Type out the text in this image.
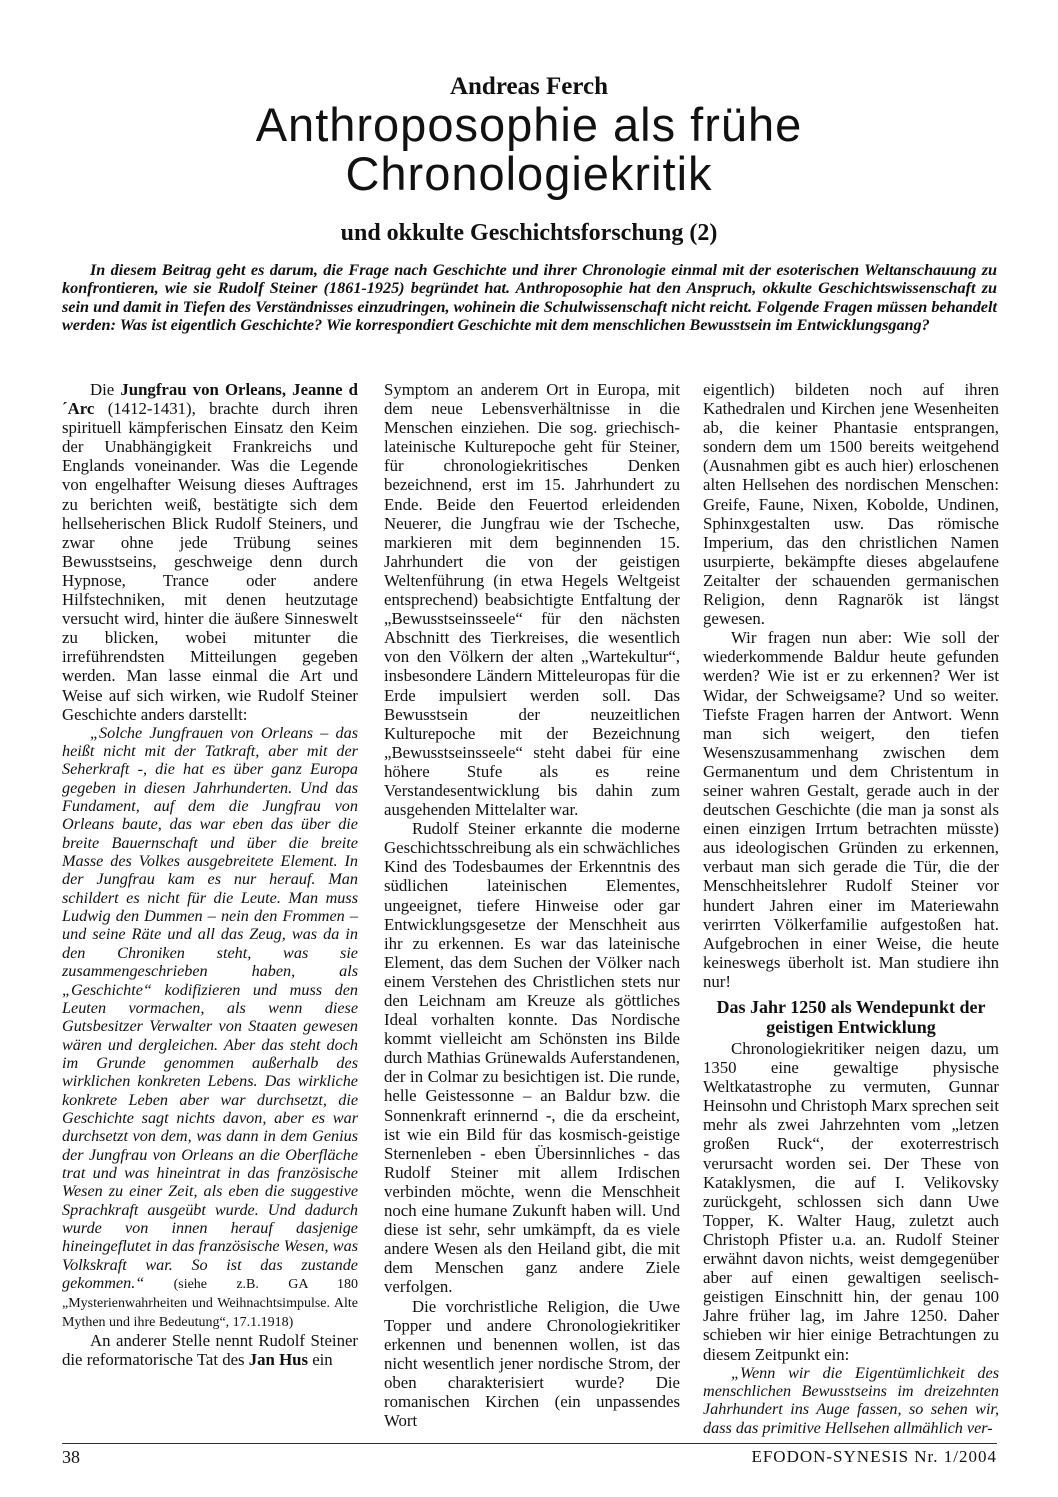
Andreas Ferch
Anthroposophie als frühe
Chronologiekritik
und okkulte Geschichtsforschung (2)

In diesem Beitrag geht es darum, die Frage nach Geschichte und ihrer Chronologie einmal mit der esoterischen Weltanschauung zu konfrontieren, wie sie Rudolf Steiner (1861-1925) begründet hat. Anthroposophie hat den Anspruch, okkulte Geschichtswissenschaft zu sein und damit in Tiefen des Verständnisses einzudringen, wohinein die Schulwissenschaft nicht reicht. Folgende Fragen müssen behandelt werden: Was ist eigentlich Geschichte? Wie korrespondiert Geschichte mit dem menschlichen Bewusstsein im Entwicklungsgang?

Die Jungfrau von Orleans, Jeanne d´Arc (1412-1431), brachte durch ihren spirituell kämpferischen Einsatz den Keim der Unabhängigkeit Frankreichs und Englands voneinander. Was die Legende von engelhafter Weisung dieses Auftrages zu berichten weiß, bestätigte sich dem hellseherischen Blick Rudolf Steiners, und zwar ohne jede Trübung seines Bewusstseins, geschweige denn durch Hypnose, Trance oder andere Hilfstechniken, mit denen heutzutage versucht wird, hinter die äußere Sinneswelt zu blicken, wobei mitunter die irreführendsten Mitteilungen gegeben werden. Man lasse einmal die Art und Weise auf sich wirken, wie Rudolf Steiner Geschichte anders darstellt:

„Solche Jungfrauen von Orleans – das heißt nicht mit der Tatkraft, aber mit der Seherkraft -, die hat es über ganz Europa gegeben in diesen Jahrhunderten. Und das Fundament, auf dem die Jungfrau von Orleans baute, das war eben das über die breite Bauernschaft und über die breite Masse des Volkes ausgebreitete Element. In der Jungfrau kam es nur herauf. Man schildert es nicht für die Leute. Man muss Ludwig den Dummen – nein den Frommen – und seine Räte und all das Zeug, was da in den Chroniken steht, was sie zusammengeschrieben haben, als „Geschichte“ kodifizieren und muss den Leuten vormachen, als wenn diese Gutsbesitzer Verwalter von Staaten gewesen wären und dergleichen. Aber das steht doch im Grunde genommen außerhalb des wirklichen konkreten Lebens. Das wirkliche konkrete Leben aber war durchsetzt, die Geschichte sagt nichts davon, aber es war durchsetzt von dem, was dann in dem Genius der Jungfrau von Orleans an die Oberfläche trat und was hineintrat in das französische Wesen zu einer Zeit, als eben die suggestive Sprachkraft ausgeübt wurde. Und dadurch wurde von innen herauf dasjenige hineingeflutet in das französische Wesen, was Volkskraft war. So ist das zustande gekommen.“ (siehe z.B. GA 180 „Mysterienwahrheiten und Weihnachtsimpulse. Alte Mythen und ihre Bedeutung“, 17.1.1918)

An anderer Stelle nennt Rudolf Steiner die reformatorische Tat des Jan Hus ein

Symptom an anderem Ort in Europa, mit dem neue Lebensverhältnisse in die Menschen einziehen. Die sog. griechisch-lateinische Kulturepoche geht für Steiner, für chronologiekritisches Denken bezeichnend, erst im 15. Jahrhundert zu Ende. Beide den Feuertod erleidenden Neuerer, die Jungfrau wie der Tscheche, markieren mit dem beginnenden 15. Jahrhundert die von der geistigen Weltenführung (in etwa Hegels Weltgeist entsprechend) beabsichtigte Entfaltung der „Bewusstseinsseele“ für den nächsten Abschnitt des Tierkreises, die wesentlich von den Völkern der alten „Wartekultur“, insbesondere Ländern Mitteleuropas für die Erde impulsiert werden soll. Das Bewusstsein der neuzeitlichen Kulturepoche mit der Bezeichnung „Bewusstseinsseele“ steht dabei für eine höhere Stufe als es reine Verstandesentwicklung bis dahin zum ausgehenden Mittelalter war.

Rudolf Steiner erkannte die moderne Geschichtsschreibung als ein schwächliches Kind des Todesbaumes der Erkenntnis des südlichen lateinischen Elementes, ungeeignet, tiefere Hinweise oder gar Entwicklungsgesetze der Menschheit aus ihr zu erkennen. Es war das lateinische Element, das dem Suchen der Völker nach einem Verstehen des Christlichen stets nur den Leichnam am Kreuze als göttliches Ideal vorhalten konnte. Das Nordische kommt vielleicht am Schönsten ins Bilde durch Mathias Grünewalds Auferstandenen, der in Colmar zu besichtigen ist. Die runde, helle Geistessonne – an Baldur bzw. die Sonnenkraft erinnernd -, die da erscheint, ist wie ein Bild für das kosmisch-geistige Sternenleben - eben Übersinnliches - das Rudolf Steiner mit allem Irdischen verbinden möchte, wenn die Menschheit noch eine humane Zukunft haben will. Und diese ist sehr, sehr umkämpft, da es viele andere Wesen als den Heiland gibt, die mit dem Menschen ganz andere Ziele verfolgen.

Die vorchristliche Religion, die Uwe Topper und andere Chronologiekritiker erkennen und benennen wollen, ist das nicht wesentlich jener nordische Strom, der oben charakterisiert wurde? Die romanischen Kirchen (ein unpassendes Wort

eigentlich) bildeten noch auf ihren Kathedralen und Kirchen jene Wesenheiten ab, die keiner Phantasie entsprangen, sondern dem um 1500 bereits weitgehend (Ausnahmen gibt es auch hier) erloschenen alten Hellsehen des nordischen Menschen: Greife, Faune, Nixen, Kobolde, Undinen, Sphinxgestalten usw. Das römische Imperium, das den christlichen Namen usurpierte, bekämpfte dieses abgelaufene Zeitalter der schauenden germanischen Religion, denn Ragnarök ist längst gewesen.

Wir fragen nun aber: Wie soll der wiederkommende Baldur heute gefunden werden? Wie ist er zu erkennen? Wer ist Widar, der Schweigsame? Und so weiter. Tiefste Fragen harren der Antwort. Wenn man sich weigert, den tiefen Wesenszusammenhang zwischen dem Germanentum und dem Christentum in seiner wahren Gestalt, gerade auch in der deutschen Geschichte (die man ja sonst als einen einzigen Irrtum betrachten müsste) aus ideologischen Gründen zu erkennen, verbaut man sich gerade die Tür, die der Menschheitslehrer Rudolf Steiner vor hundert Jahren einer im Materiewahn verirrten Völkerfamilie aufgestoßen hat. Aufgebrochen in einer Weise, die heute keineswegs überholt ist. Man studiere ihn nur!

Das Jahr 1250 als Wendepunkt der geistigen Entwicklung

Chronologiekritiker neigen dazu, um 1350 eine gewaltige physische Weltkatastrophe zu vermuten, Gunnar Heinsohn und Christoph Marx sprechen seit mehr als zwei Jahrzehnten vom „letzen großen Ruck“, der exoterrestrisch verursacht worden sei. Der These von Kataklysmen, die auf I. Velikovsky zurückgeht, schlossen sich dann Uwe Topper, K. Walter Haug, zuletzt auch Christoph Pfister u.a. an. Rudolf Steiner erwähnt davon nichts, weist demgegenüber aber auf einen gewaltigen seelisch-geistigen Einschnitt hin, der genau 100 Jahre früher lag, im Jahre 1250. Daher schieben wir hier einige Betrachtungen zu diesem Zeitpunkt ein:

„Wenn wir die Eigentümlichkeit des menschlichen Bewusstseins im dreizehnten Jahrhundert ins Auge fassen, so sehen wir, dass das primitive Hellsehen allmählich ver-

38	EFODON-SYNESIS Nr. 1/2004
